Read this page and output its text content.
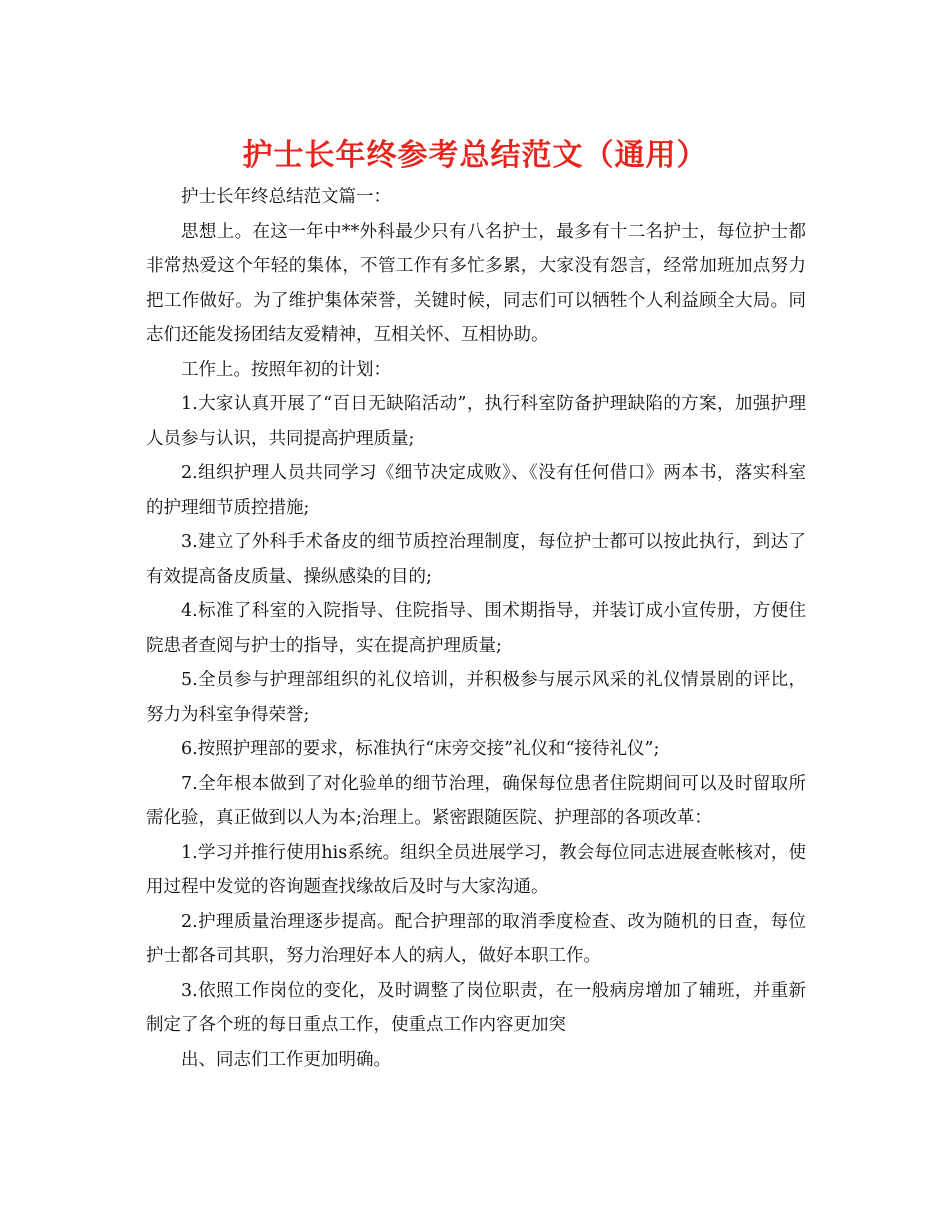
护士长年终参考总结范文（通用）

护士长年终总结范文篇一：

思想上。在这一年中**外科最少只有八名护士，最多有十二名护士，每位护士都非常热爱这个年轻的集体，不管工作有多忙多累，大家没有怨言，经常加班加点努力把工作做好。为了维护集体荣誉，关键时候，同志们可以牺牲个人利益顾全大局。同志们还能发扬团结友爱精神，互相关怀、互相协助。

工作上。按照年初的计划：

1.大家认真开展了“百日无缺陷活动”，执行科室防备护理缺陷的方案，加强护理人员参与认识，共同提高护理质量;

2.组织护理人员共同学习《细节决定成败》、《没有任何借口》两本书，落实科室的护理细节质控措施;

3.建立了外科手术备皮的细节质控治理制度，每位护士都可以按此执行，到达了有效提高备皮质量、操纵感染的目的;

4.标准了科室的入院指导、住院指导、围术期指导，并装订成小宣传册，方便住院患者查阅与护士的指导，实在提高护理质量;

5.全员参与护理部组织的礼仪培训，并积极参与展示风采的礼仪情景剧的评比，努力为科室争得荣誉;

6.按照护理部的要求，标准执行“床旁交接”礼仪和“接待礼仪”;

7.全年根本做到了对化验单的细节治理，确保每位患者住院期间可以及时留取所需化验，真正做到以人为本;治理上。紧密跟随医院、护理部的各项改革：

1.学习并推行使用his系统。组织全员进展学习，教会每位同志进展查帐核对，使用过程中发觉的咨询题查找缘故后及时与大家沟通。

2.护理质量治理逐步提高。配合护理部的取消季度检查、改为随机的日查，每位护士都各司其职，努力治理好本人的病人，做好本职工作。

3.依照工作岗位的变化，及时调整了岗位职责，在一般病房增加了辅班，并重新制定了各个班的每日重点工作，使重点工作内容更加突

出、同志们工作更加明确。
